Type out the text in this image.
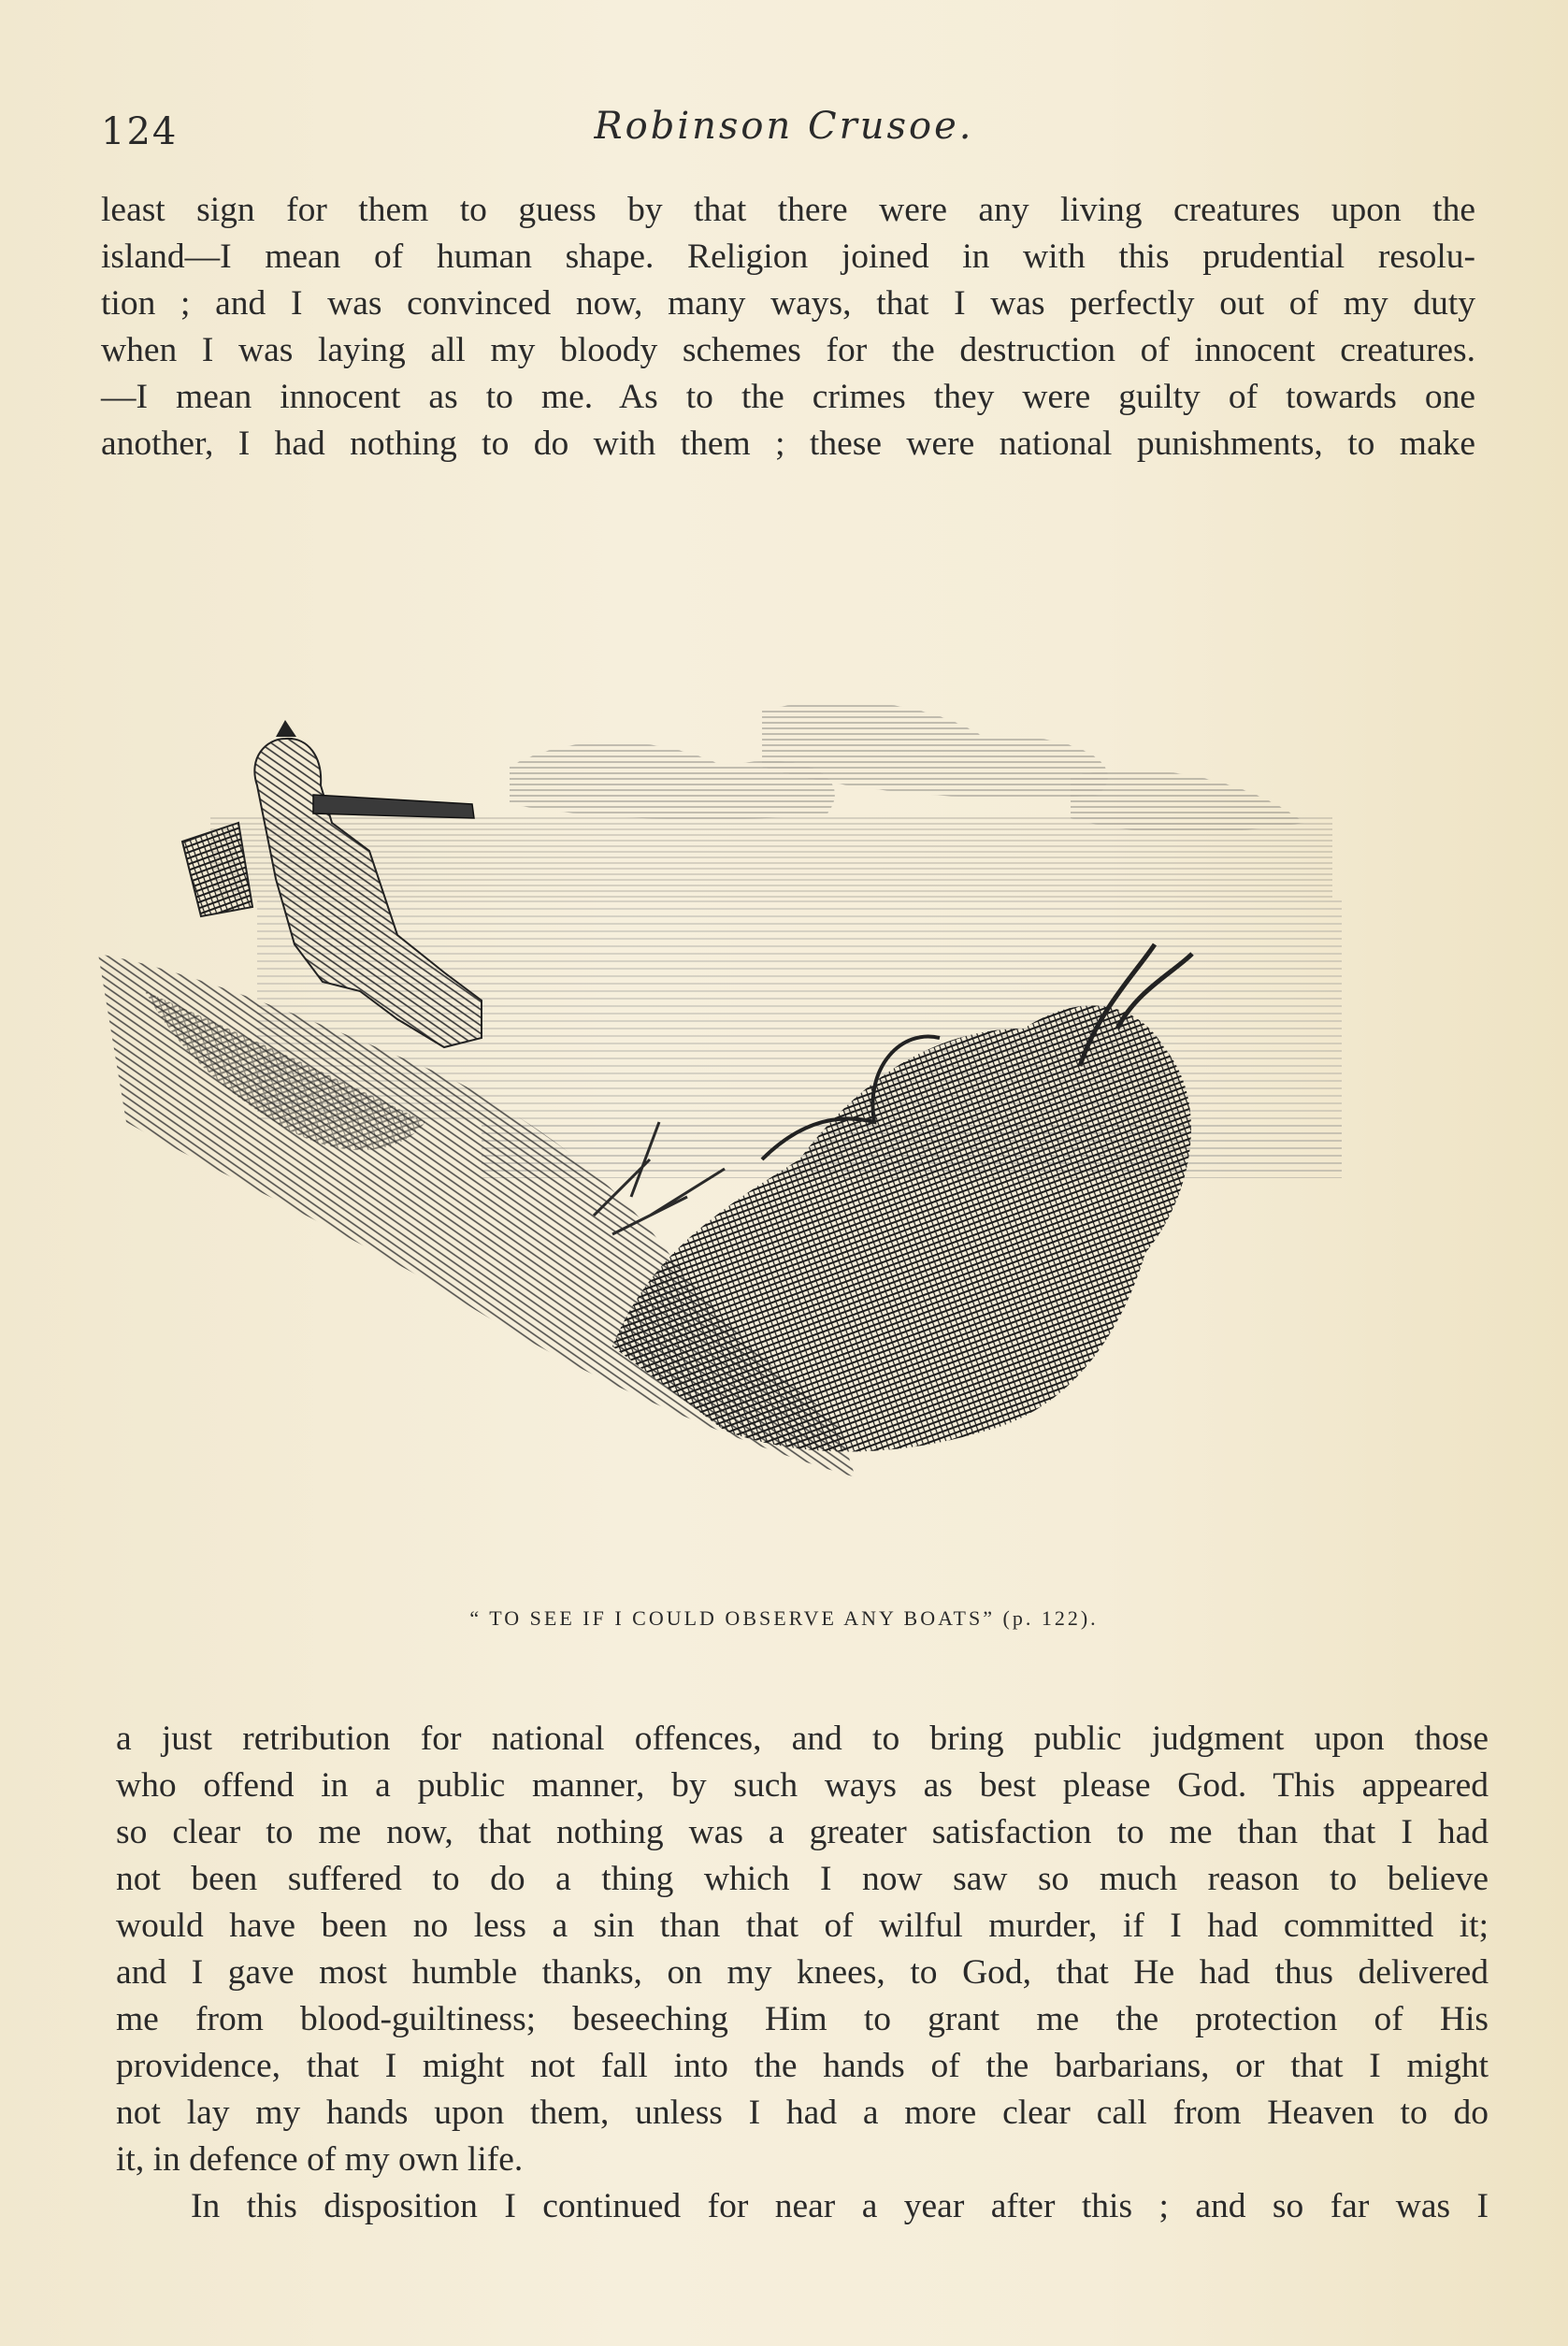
124	Robinson Crusoe.
least sign for them to guess by that there were any living creatures upon the
island—I mean of human shape. Religion joined in with this prudential resolu-
tion ; and I was convinced now, many ways, that I was perfectly out of my duty
when I was laying all my bloody schemes for the destruction of innocent creatures.
—I mean innocent as to me. As to the crimes they were guilty of towards one
another, I had nothing to do with them ; these were national punishments, to make
“ TO SEE IF I COULD OBSERVE ANY BOATS” (p. 122).
a just retribution for national offences, and to bring public judgment upon those
who offend in a public manner, by such ways as best please God. This appeared
so clear to me now, that nothing was a greater satisfaction to me than that I had
not been suffered to do a thing which I now saw so much reason to believe
would have been no less a sin than that of wilful murder, if I had committed it;
and I gave most humble thanks, on my knees, to God, that He had thus delivered
me from blood-guiltiness; beseeching Him to grant me the protection of His
providence, that I might not fall into the hands of the barbarians, or that I might
not lay my hands upon them, unless I had a more clear call from Heaven to do
it, in defence of my own life.
In this disposition I continued for near a year after this ; and so far was I
